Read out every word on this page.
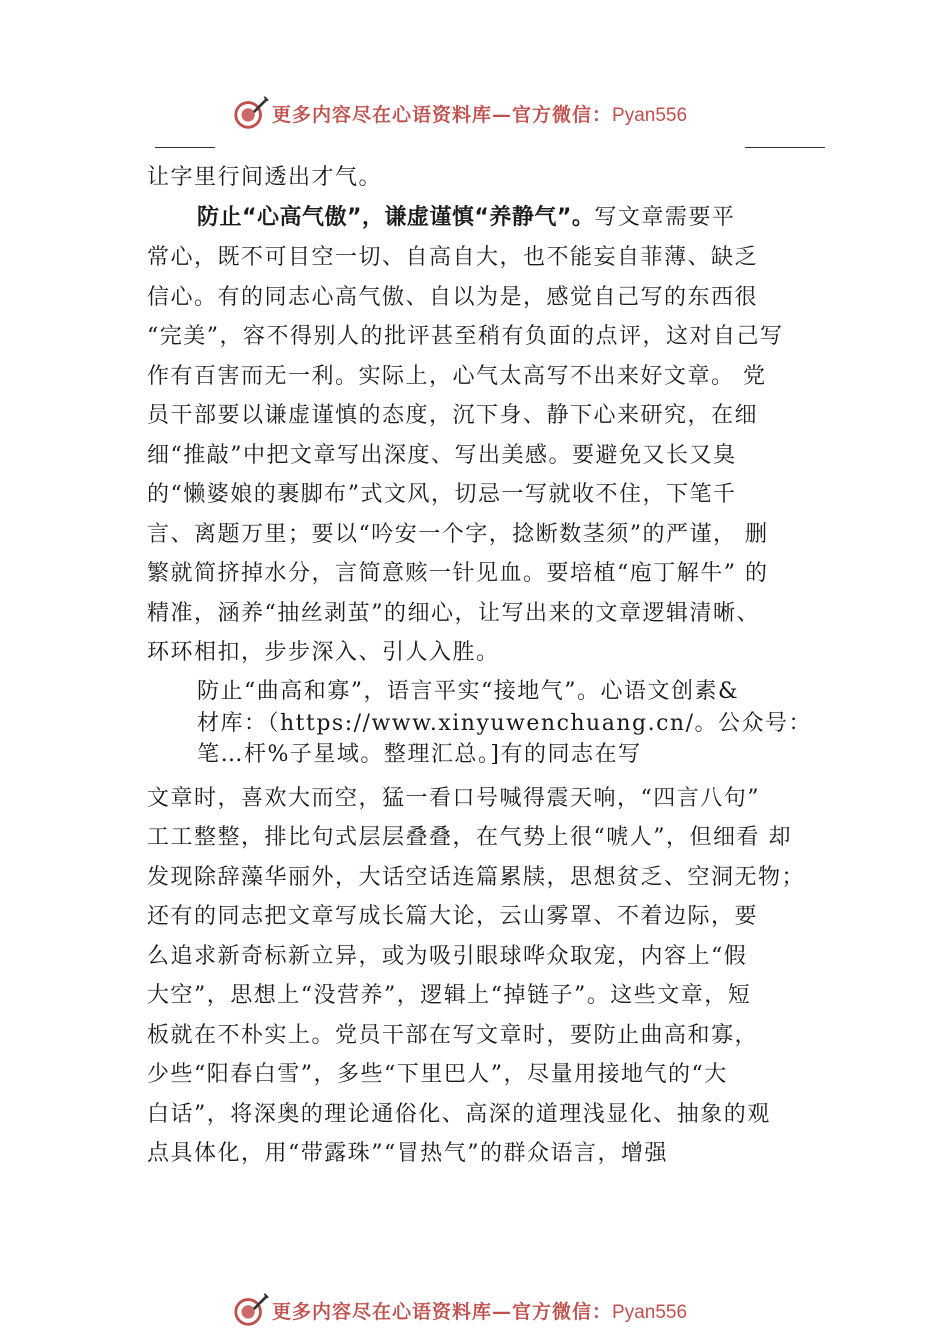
更多内容尽在心语资料库—官方微信：Pyan556
让字里行间透出才气。
防止“心高气傲”，谦虚谨慎“养静气”。写文章需要平
常心，既不可目空一切、自高自大，也不能妄自菲薄、缺乏
信心。有的同志心高气傲、自以为是，感觉自己写的东西很
“完美”，容不得别人的批评甚至稍有负面的点评，这对自己写
作有百害而无一利。实际上，心气太高写不出来好文章。 党
员干部要以谦虚谨慎的态度，沉下身、静下心来研究，在细
细“推敲”中把文章写出深度、写出美感。要避免又长又臭
的“懒婆娘的裹脚布”式文风，切忌一写就收不住，下笔千
言、离题万里；要以“吟安一个字，捻断数茎须”的严谨， 删
繁就简挤掉水分，言简意赅一针见血。要培植“庖丁解牛” 的
精准，涵养“抽丝剥茧”的细心，让写出来的文章逻辑清晰、
环环相扣，步步深入、引人入胜。
防止“曲高和寡”，语言平实“接地气”。心语文创素&
材库：（https://www.xinyuwenchuang.cn/。公众号：
笔…杆%子星域。整理汇总。]有的同志在写
文章时，喜欢大而空，猛一看口号喊得震天响，“四言八句”
工工整整，排比句式层层叠叠，在气势上很“唬人”，但细看 却
发现除辞藻华丽外，大话空话连篇累牍，思想贫乏、空洞无物；
还有的同志把文章写成长篇大论，云山雾罩、不着边际，要
么追求新奇标新立异，或为吸引眼球哗众取宠，内容上“假
大空”，思想上“没营养”，逻辑上“掉链子”。这些文章，短
板就在不朴实上。党员干部在写文章时，要防止曲高和寡，
少些“阳春白雪”，多些“下里巴人”，尽量用接地气的“大
白话”，将深奥的理论通俗化、高深的道理浅显化、抽象的观
点具体化，用“带露珠”“冒热气”的群众语言，增强
更多内容尽在心语资料库—官方微信：Pyan556
